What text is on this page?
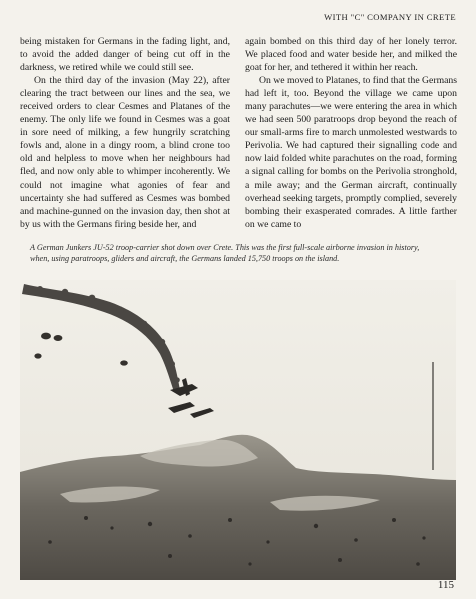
WITH "C" COMPANY IN CRETE

being mistaken for Germans in the fading light, and, to avoid the added danger of being cut off in the darkness, we retired while we could still see.

On the third day of the invasion (May 22), after clearing the tract between our lines and the sea, we received orders to clear Cesmes and Platanes of the enemy. The only life we found in Cesmes was a goat in sore need of milking, a few hungrily scratching fowls and, alone in a dingy room, a blind crone too old and helpless to move when her neighbours had fled, and now only able to whimper incoherently. We could not imagine what agonies of fear and uncertainty she had suffered as Cesmes was bombed and machine-gunned on the invasion day, then shot at by us with the Germans firing beside her, and

again bombed on this third day of her lonely terror. We placed food and water beside her, and milked the goat for her, and tethered it within her reach.

On we moved to Platanes, to find that the Germans had left it, too. Beyond the village we came upon many parachutes—we were entering the area in which we had seen 500 paratroops drop beyond the reach of our small-arms fire to march unmolested westwards to Perivolia. We had captured their signalling code and now laid folded white parachutes on the road, forming a signal calling for bombs on the Perivolia stronghold, a mile away; and the German aircraft, continually overhead seeking targets, promptly complied, severely bombing their exasperated comrades. A little farther on we came to

A German Junkers JU-52 troop-carrier shot down over Crete. This was the first full-scale airborne invasion in history, when, using paratroops, gliders and aircraft, the Germans landed 15,750 troops on the island.
115
